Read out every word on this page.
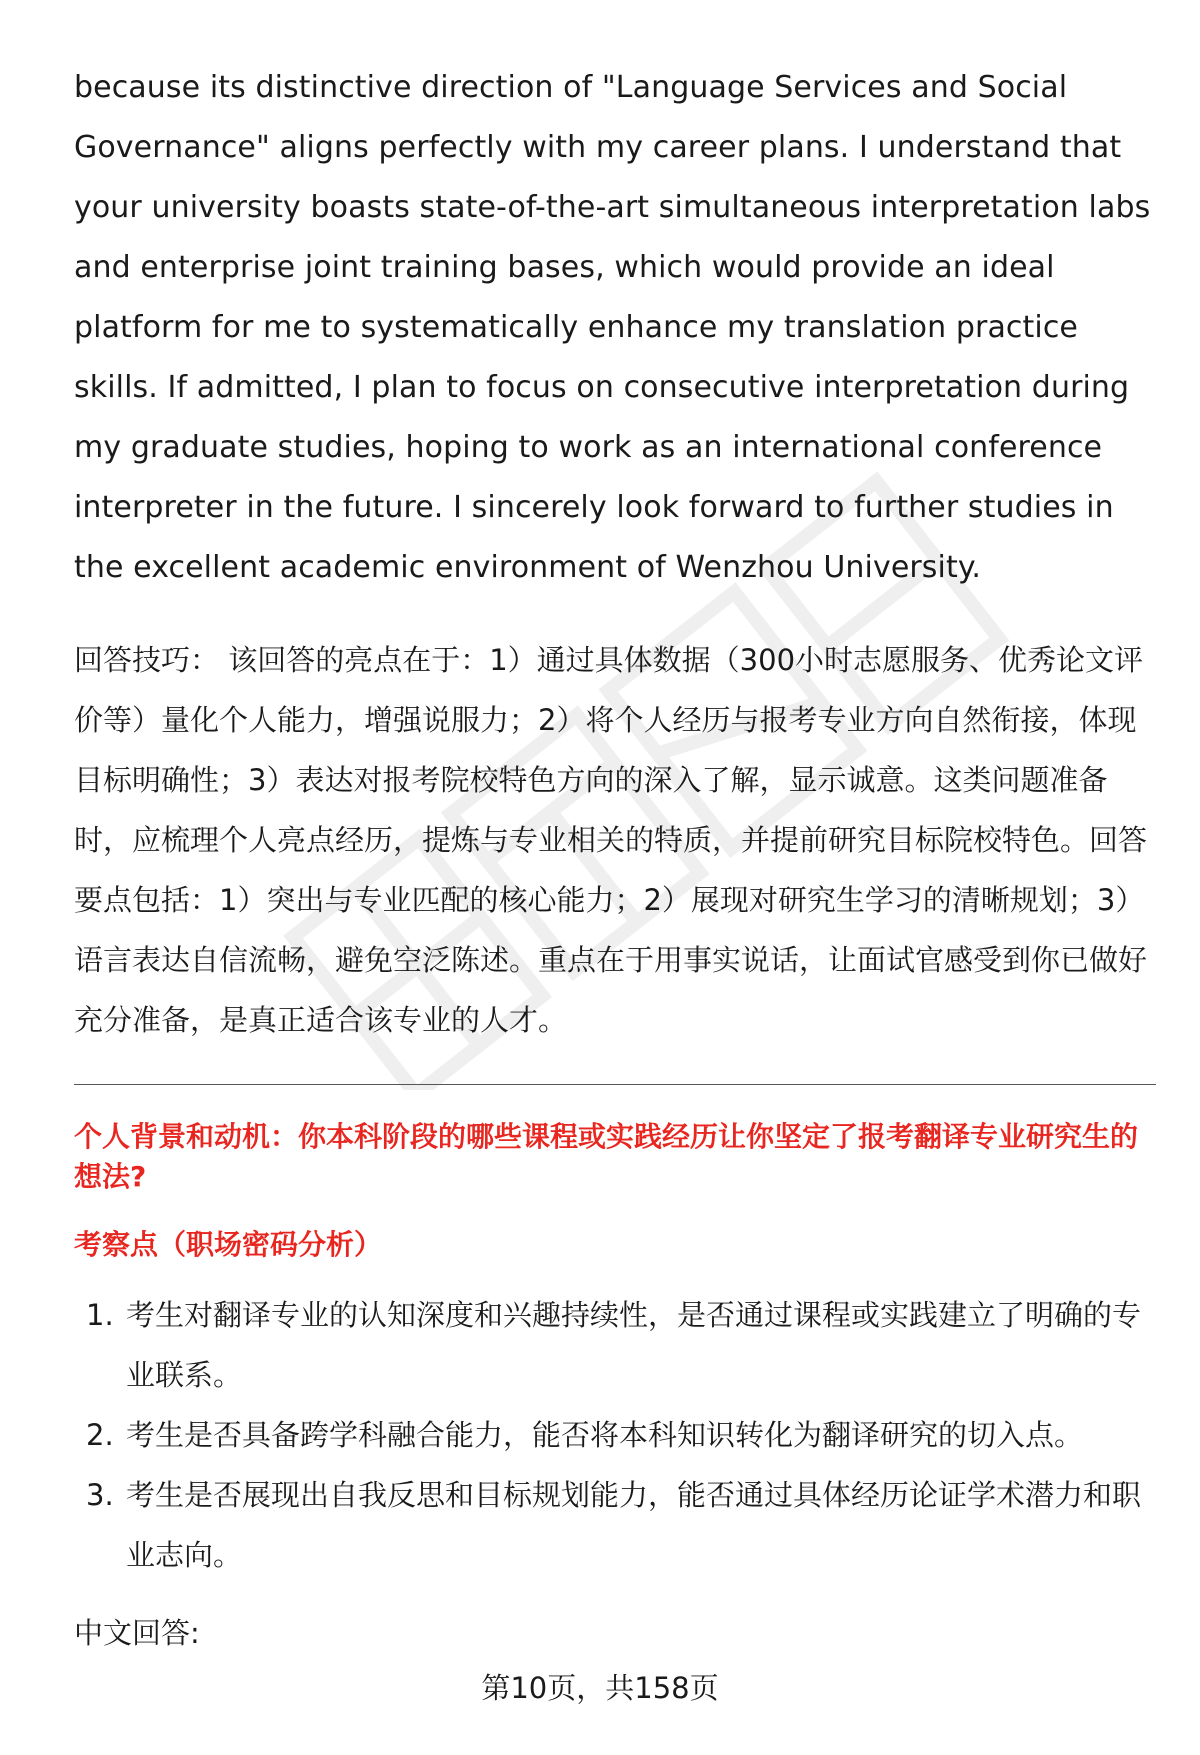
because its distinctive direction of "Language Services and Social Governance" aligns perfectly with my career plans. I understand that your university boasts state-of-the-art simultaneous interpretation labs and enterprise joint training bases, which would provide an ideal platform for me to systematically enhance my translation practice skills. If admitted, I plan to focus on consecutive interpretation during my graduate studies, hoping to work as an international conference interpreter in the future. I sincerely look forward to further studies in the excellent academic environment of Wenzhou University.

回答技巧： 该回答的亮点在于：1）通过具体数据（300小时志愿服务、优秀论文评价等）量化个人能力，增强说服力；2）将个人经历与报考专业方向自然衔接，体现目标明确性；3）表达对报考院校特色方向的深入了解，显示诚意。这类问题准备时，应梳理个人亮点经历，提炼与专业相关的特质，并提前研究目标院校特色。回答要点包括：1）突出与专业匹配的核心能力；2）展现对研究生学习的清晰规划；3）语言表达自信流畅，避免空泛陈述。重点在于用事实说话，让面试官感受到你已做好充分准备，是真正适合该专业的人才。

个人背景和动机：你本科阶段的哪些课程或实践经历让你坚定了报考翻译专业研究生的想法?
考察点（职场密码分析）
1. 考生对翻译专业的认知深度和兴趣持续性，是否通过课程或实践建立了明确的专业联系。
2. 考生是否具备跨学科融合能力，能否将本科知识转化为翻译研究的切入点。
3. 考生是否展现出自我反思和目标规划能力，能否通过具体经历论证学术潜力和职业志向。
中文回答:
第10页，共158页
